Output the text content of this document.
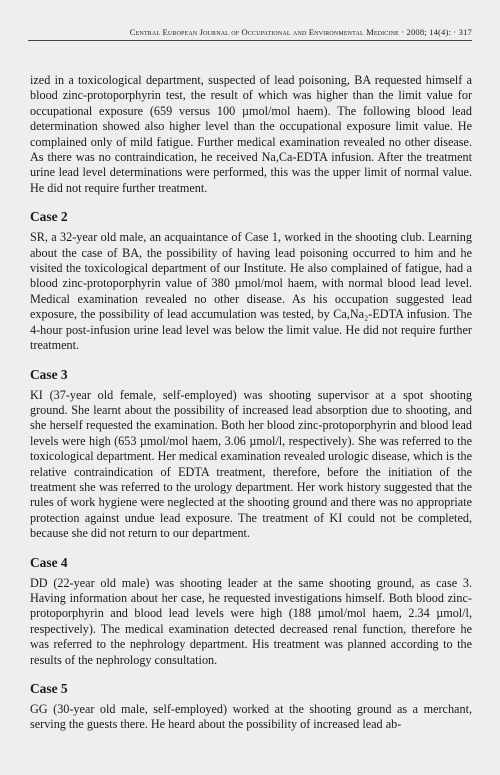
Central European Journal of Occupational and Environmental Medicine · 2008; 14(4): · 317

ized in a toxicological department, suspected of lead poisoning, BA requested himself a blood zinc-protoporphyrin test, the result of which was higher than the limit value for occupational exposure (659 versus 100 µmol/mol haem). The following blood lead determination showed also higher level than the occupational exposure limit value. He complained only of mild fatigue. Further medical examination revealed no other disease. As there was no contraindication, he received Na,Ca-EDTA infusion. After the treatment urine lead level determinations were performed, this was the upper limit of normal value. He did not require further treatment.

Case 2

SR, a 32-year old male, an acquaintance of Case 1, worked in the shooting club. Learning about the case of BA, the possibility of having lead poisoning occurred to him and he visited the toxicological department of our Institute. He also complained of fatigue, had a blood zinc-protoporphyrin value of 380 µmol/mol haem, with normal blood lead level. Medical examination revealed no other disease. As his occupation suggested lead exposure, the possibility of lead accumulation was tested, by Ca,Na₂-EDTA infusion. The 4-hour post-infusion urine lead level was below the limit value. He did not require further treatment.

Case 3

KI (37-year old female, self-employed) was shooting supervisor at a spot shooting ground. She learnt about the possibility of increased lead absorption due to shooting, and she herself requested the examination. Both her blood zinc-protoporphyrin and blood lead levels were high (653 µmol/mol haem, 3.06 µmol/l, respectively). She was referred to the toxicological department. Her medical examination revealed urologic disease, which is the relative contraindication of EDTA treatment, therefore, before the initiation of the treatment she was referred to the urology department. Her work history suggested that the rules of work hygiene were neglected at the shooting ground and there was no appropriate protection against undue lead exposure. The treatment of KI could not be completed, because she did not return to our department.

Case 4

DD (22-year old male) was shooting leader at the same shooting ground, as case 3. Having information about her case, he requested investigations himself. Both blood zinc-protoporphyrin and blood lead levels were high (188 µmol/mol haem, 2.34 µmol/l, respectively). The medical examination detected decreased renal function, therefore he was referred to the nephrology department. His treatment was planned according to the results of the nephrology consultation.

Case 5

GG (30-year old male, self-employed) worked at the shooting ground as a merchant, serving the guests there. He heard about the possibility of increased lead ab-
